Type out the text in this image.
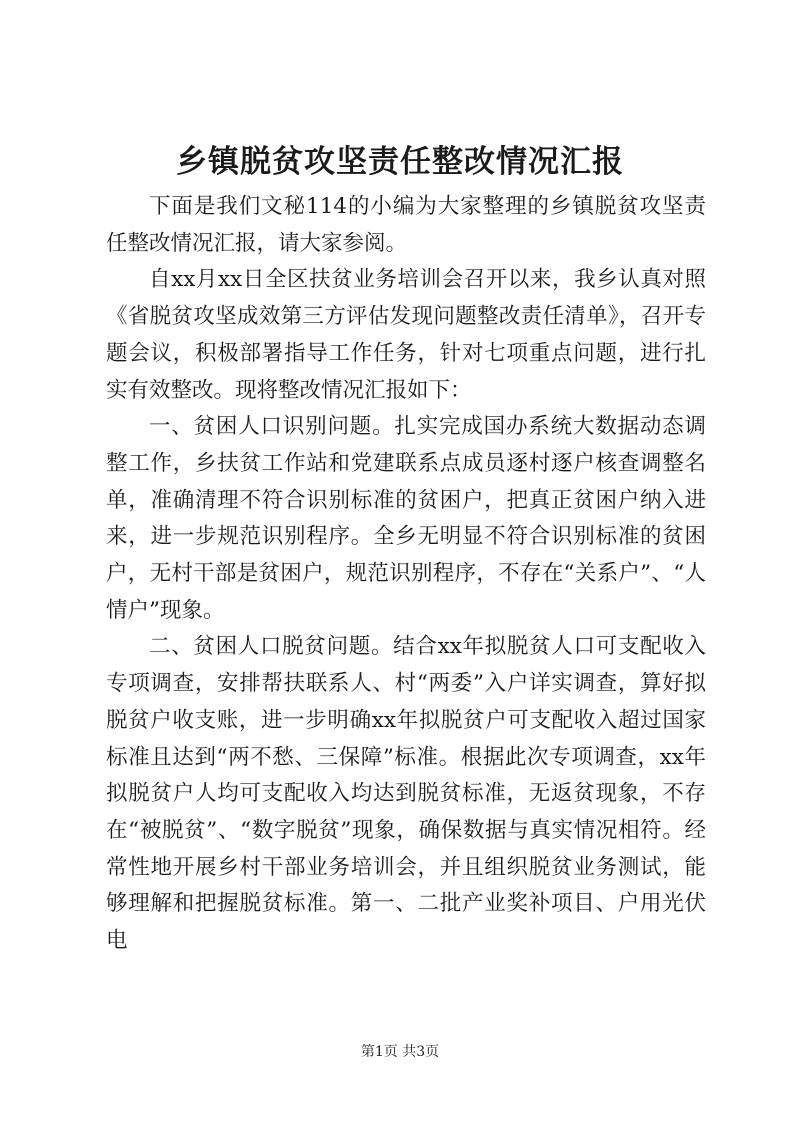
乡镇脱贫攻坚责任整改情况汇报

下面是我们文秘114的小编为大家整理的乡镇脱贫攻坚责任整改情况汇报，请大家参阅。

自xx月xx日全区扶贫业务培训会召开以来，我乡认真对照《省脱贫攻坚成效第三方评估发现问题整改责任清单》，召开专题会议，积极部署指导工作任务，针对七项重点问题，进行扎实有效整改。现将整改情况汇报如下：

一、贫困人口识别问题。扎实完成国办系统大数据动态调整工作，乡扶贫工作站和党建联系点成员逐村逐户核查调整名单，准确清理不符合识别标准的贫困户，把真正贫困户纳入进来，进一步规范识别程序。全乡无明显不符合识别标准的贫困户，无村干部是贫困户，规范识别程序，不存在“关系户”、“人情户”现象。

二、贫困人口脱贫问题。结合xx年拟脱贫人口可支配收入专项调查，安排帮扶联系人、村“两委”入户详实调查，算好拟脱贫户收支账，进一步明确xx年拟脱贫户可支配收入超过国家标准且达到“两不愁、三保障”标准。根据此次专项调查，xx年拟脱贫户人均可支配收入均达到脱贫标准，无返贫现象，不存在“被脱贫”、“数字脱贫”现象，确保数据与真实情况相符。经常性地开展乡村干部业务培训会，并且组织脱贫业务测试，能够理解和把握脱贫标准。第一、二批产业奖补项目、户用光伏电

第1页 共3页
